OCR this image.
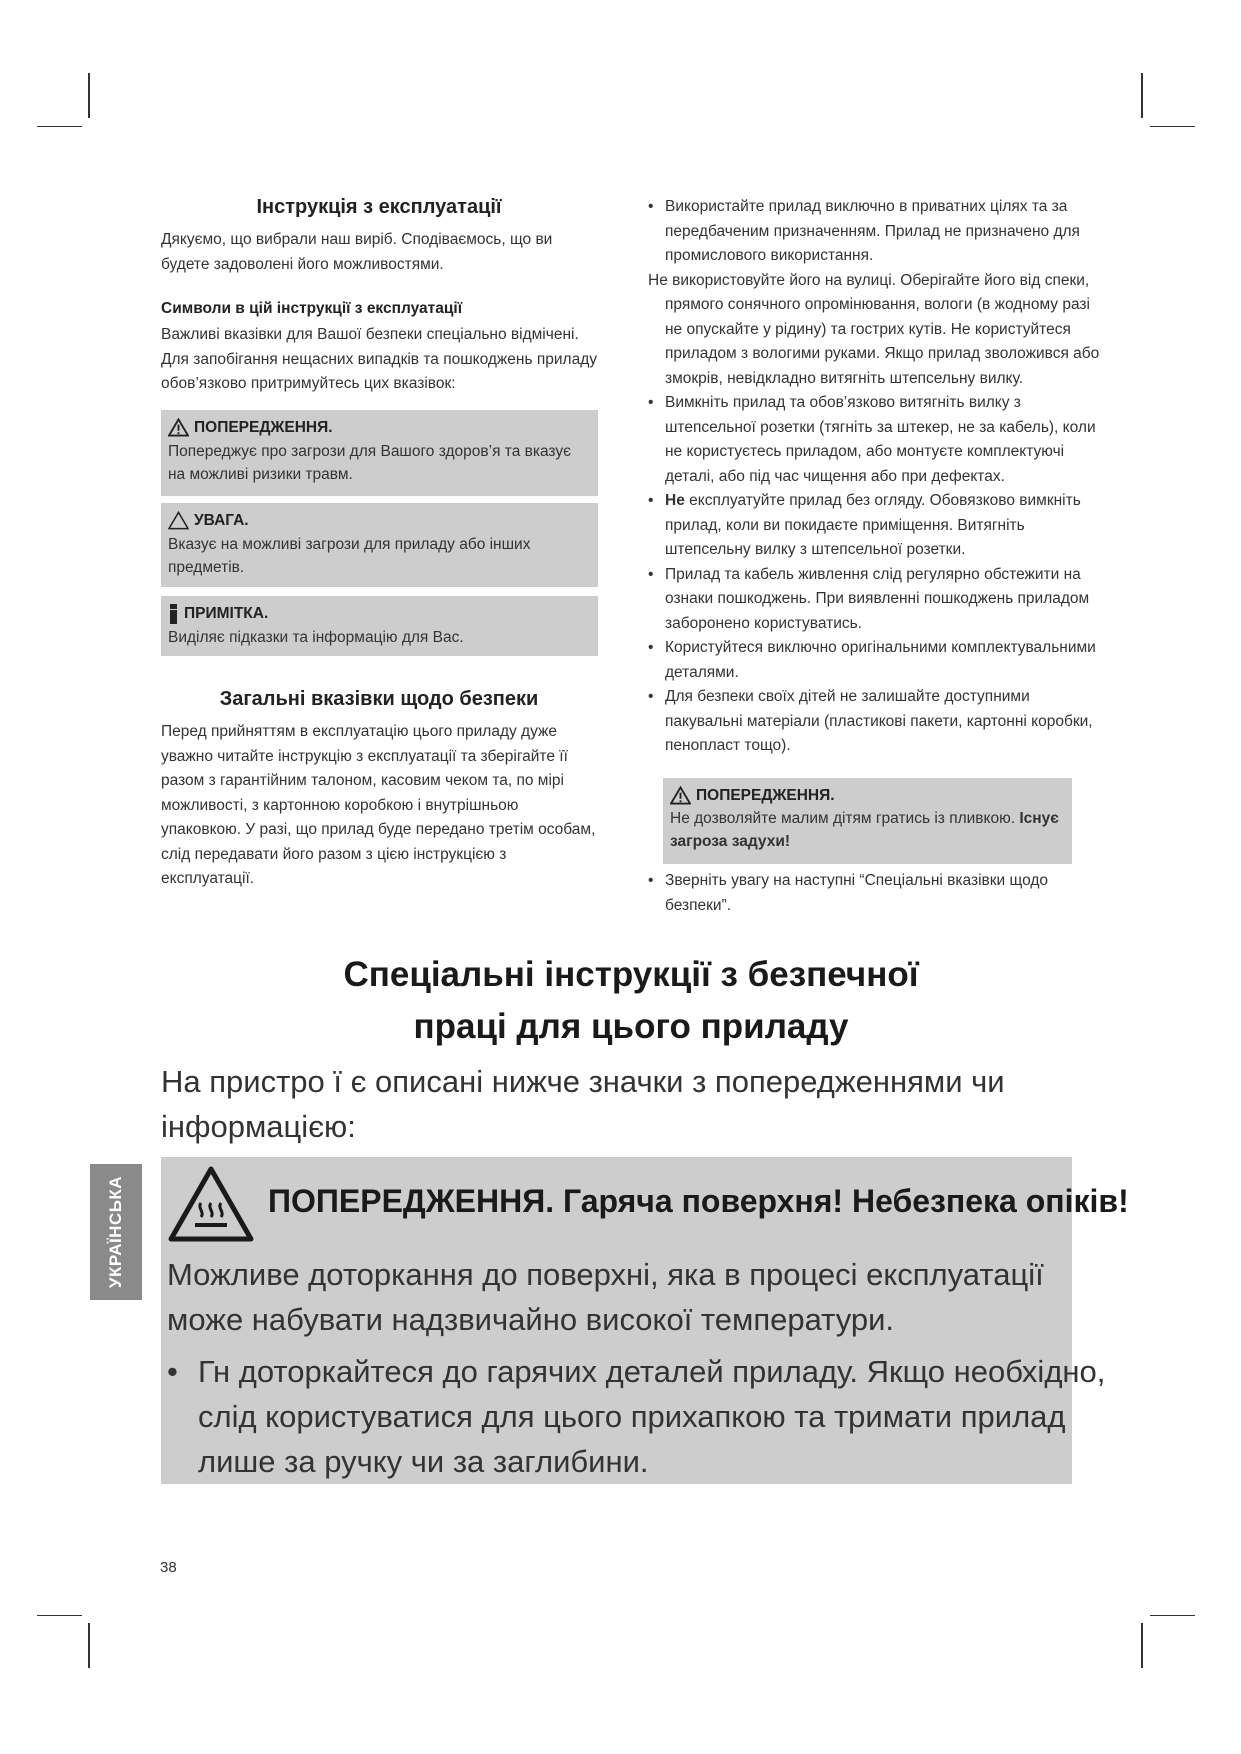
Інструкція з експлуатації

Дякуємо, що вибрали наш виріб. Сподіваємось, що ви будете задоволені його можливостями.

Символи в цій інструкції з експлуатації

Важливі вказівки для Вашої безпеки спеціально відмічені. Для запобігання нещасних випадків та пошкоджень приладу обов’язково притримуйтесь цих вказівок:

ПОПЕРЕДЖЕННЯ.
Попереджує про загрози для Вашого здоров’я та вказує на можливі ризики травм.
УВАГА.
Вказує на можливі загрози для приладу або інших предметів.
ПРИМІТКА.
Виділяє підказки та інформацію для Вас.
Загальні вказівки щодо безпеки

Перед прийняттям в експлуатацію цього приладу дуже уважно читайте інструкцію з експлуатації та зберігайте її разом з гарантійним талоном, касовим чеком та, по мірі можливості, з картонною коробкою і внутрішньою упаковкою. У разі, що прилад буде передано третім особам, слід передавати його разом з цією інструкцією з експлуатації.

• Використайте прилад виключно в приватних цілях та за передбаченим призначенням. Прилад не призначено для промислового використання.

Не використовуйте його на вулиці. Оберігайте його від спеки, прямого сонячного опромінювання, вологи (в жодному разі не опускайте у рідину) та гострих кутів. Не користуйтеся приладом з вологими руками. Якщо прилад зволожився або змокрів, невідкладно витягніть штепсельну вилку.

• Вимкніть прилад та обов’язково витягніть вилку з штепсельної розетки (тягніть за штекер, не за кабель), коли не користуєтесь приладом, або монтуєте комплектуючі деталі, або під час чищення або при дефектах.
• Не експлуатуйте прилад без огляду. Обовязково вимкніть прилад, коли ви покидаєте приміщення. Витягніть штепсельну вилку з штепсельної розетки.
• Прилад та кабель живлення слід регулярно обстежити на ознаки пошкоджень. При виявленні пошкоджень приладом заборонено користуватись.
• Користуйтеся виключно оригінальними комплектувальними деталями.
• Для безпеки своїх дітей не залишайте доступними пакувальні матеріали (пластикові пакети, картонні коробки, пенопласт тощо).
ПОПЕРЕДЖЕННЯ.
Не дозволяйте малим дітям гратись із пливкою. Існує загроза задухи!
• Зверніть увагу на наступні “Спеціальні вказівки щодо безпеки”.
Спеціальні інструкції з безпечної
праці для цього приладу
На пристро ї є описані нижче значки з попередженнями чи інформацією:
УКРАЇНСЬКА	ПОПЕРЕДЖЕННЯ. Гаряча поверхня! Небезпека опіків!
Можливе доторкання до поверхні, яка в процесі експлуатації може набувати надзвичайно високої температури.
• Гн доторкайтеся до гарячих деталей приладу. Якщо необхідно, слід користуватися для цього прихапкою та тримати прилад лише за ручку чи за заглибини.
38
